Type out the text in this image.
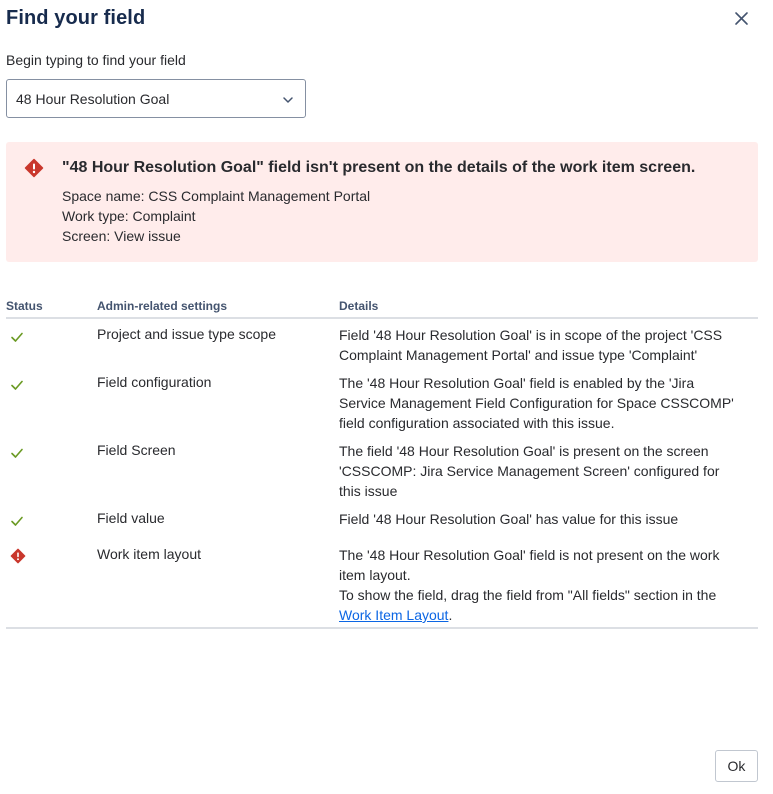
Find your field
Begin typing to find your field
48 Hour Resolution Goal
"48 Hour Resolution Goal" field isn't present on the details of the work item screen.
Space name: CSS Complaint Management Portal
Work type: Complaint
Screen: View issue
Status	Admin-related settings	Details
Project and issue type scope	Field '48 Hour Resolution Goal' is in scope of the project 'CSS
Complaint Management Portal' and issue type 'Complaint'
Field configuration	The '48 Hour Resolution Goal' field is enabled by the 'Jira
Service Management Field Configuration for Space CSSCOMP'
field configuration associated with this issue.
Field Screen	The field '48 Hour Resolution Goal' is present on the screen
'CSSCOMP: Jira Service Management Screen' configured for
this issue
Field value	Field '48 Hour Resolution Goal' has value for this issue
Work item layout	The '48 Hour Resolution Goal' field is not present on the work
item layout.
To show the field, drag the field from "All fields" section in the
Work Item Layout.
Ok
